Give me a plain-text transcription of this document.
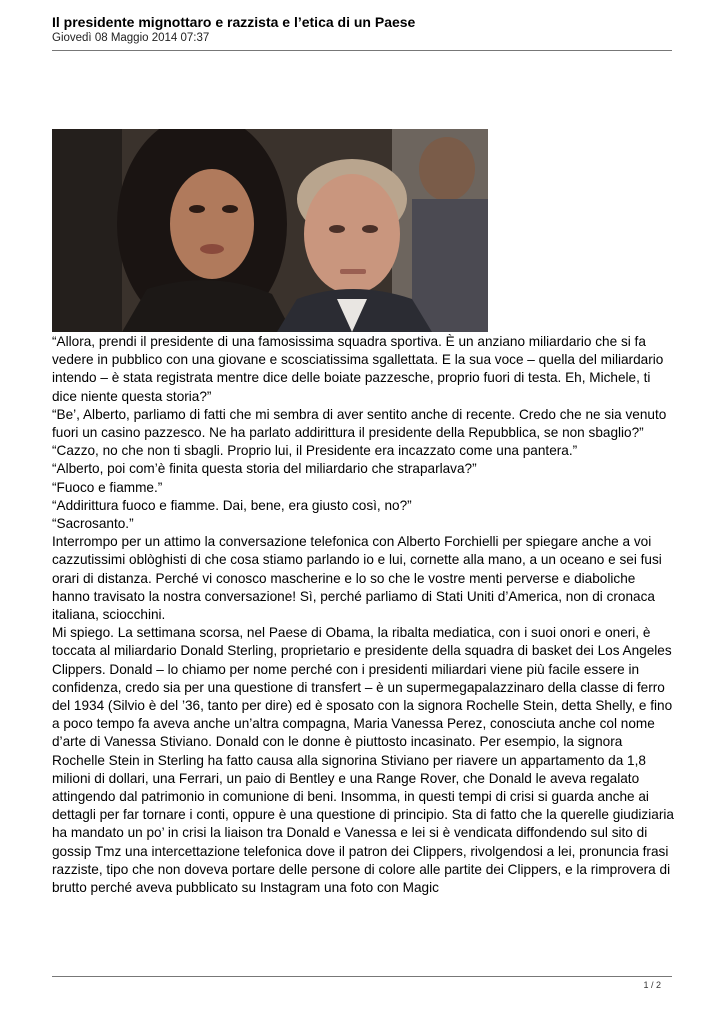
Il presidente mignottaro e razzista e l’etica di un Paese
Giovedì 08 Maggio 2014 07:37

“Allora, prendi il presidente di una famosissima squadra sportiva. È un anziano miliardario che si fa vedere in pubblico con una giovane e scosciatissima sgallettata. E la sua voce – quella del miliardario intendo – è stata registrata mentre dice delle boiate pazzesche, proprio fuori di testa. Eh, Michele, ti dice niente questa storia?”

“Be’, Alberto, parliamo di fatti che mi sembra di aver sentito anche di recente. Credo che ne sia venuto fuori un casino pazzesco. Ne ha parlato addirittura il presidente della Repubblica, se non sbaglio?”

“Cazzo, no che non ti sbagli. Proprio lui, il Presidente era incazzato come una pantera.”

“Alberto, poi com’è finita questa storia del miliardario che straparlava?”

“Fuoco e fiamme.”

“Addirittura fuoco e fiamme. Dai, bene, era giusto così, no?”

“Sacrosanto.”

Interrompo per un attimo la conversazione telefonica con Alberto Forchielli per spiegare anche a voi cazzutissimi oblòghisti di che cosa stiamo parlando io e lui, cornette alla mano, a un oceano e sei fusi orari di distanza. Perché vi conosco mascherine e lo so che le vostre menti perverse e diaboliche hanno travisato la nostra conversazione! Sì, perché parliamo di Stati Uniti d’America, non di cronaca italiana, sciocchini.

Mi spiego. La settimana scorsa, nel Paese di Obama, la ribalta mediatica, con i suoi onori e oneri, è toccata al miliardario Donald Sterling, proprietario e presidente della squadra di basket dei Los Angeles Clippers. Donald – lo chiamo per nome perché con i presidenti miliardari viene più facile essere in confidenza, credo sia per una questione di transfert – è un supermegapalazzinaro della classe di ferro del 1934 (Silvio è del ’36, tanto per dire) ed è sposato con la signora Rochelle Stein, detta Shelly, e fino a poco tempo fa aveva anche un’altra compagna, Maria Vanessa Perez, conosciuta anche col nome d’arte di Vanessa Stiviano. Donald con le donne è piuttosto incasinato. Per esempio, la signora Rochelle Stein in Sterling ha fatto causa alla signorina Stiviano per riavere un appartamento da 1,8 milioni di dollari, una Ferrari, un paio di Bentley e una Range Rover, che Donald le aveva regalato attingendo dal patrimonio in comunione di beni. Insomma, in questi tempi di crisi si guarda anche ai dettagli per far tornare i conti, oppure è una questione di principio. Sta di fatto che la querelle giudiziaria ha mandato un po’ in crisi la liaison tra Donald e Vanessa e lei si è vendicata diffondendo sul sito di gossip Tmz una intercettazione telefonica dove il patron dei Clippers, rivolgendosi a lei, pronuncia frasi razziste, tipo che non doveva portare delle persone di colore alle partite dei Clippers, e la rimprovera di brutto perché aveva pubblicato su Instagram una foto con Magic

1 / 2
